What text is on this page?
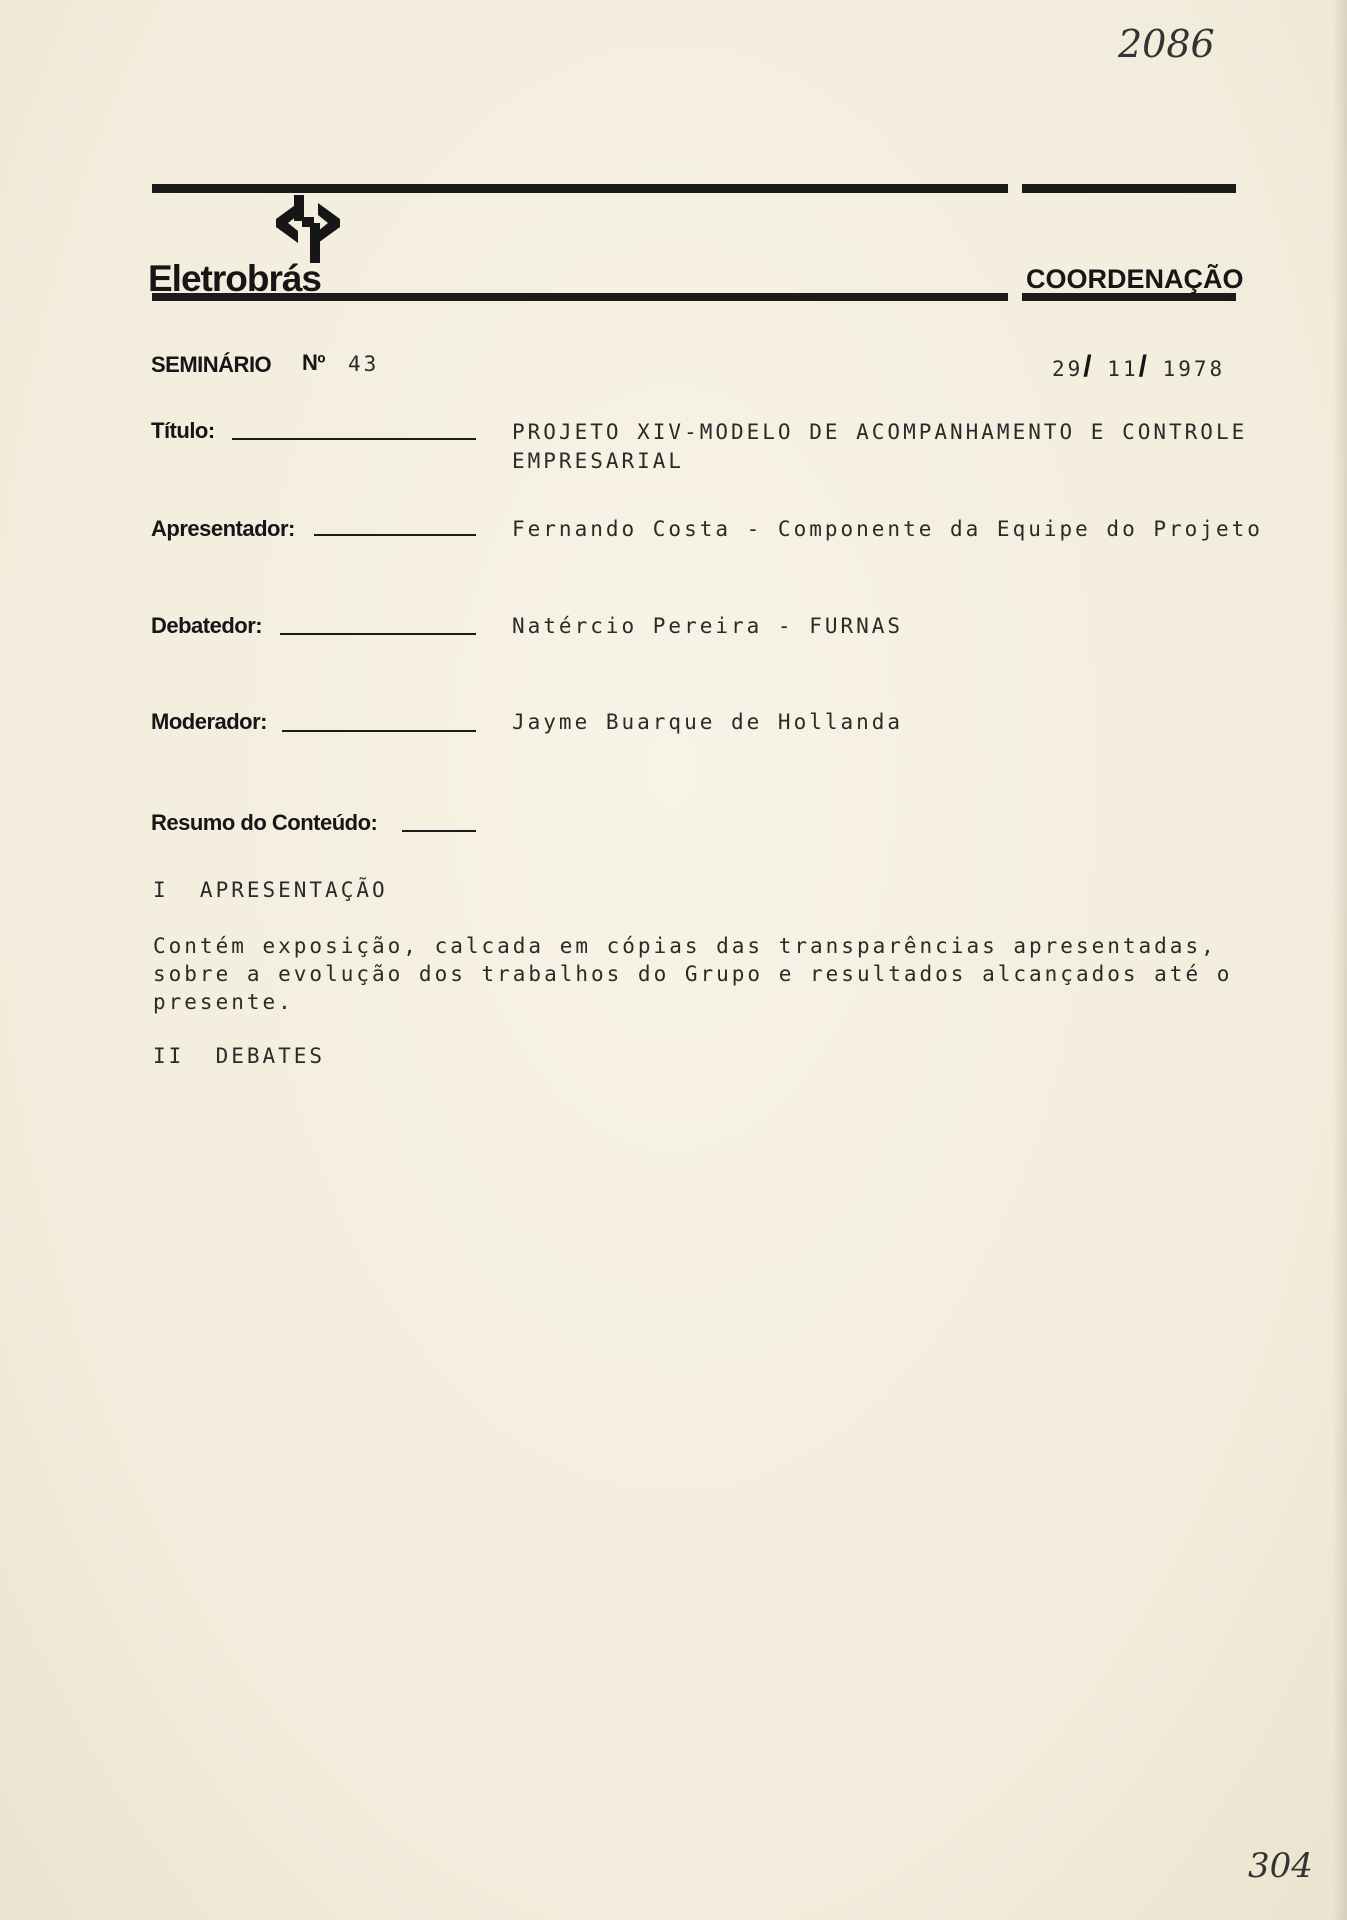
2086
304
Eletrobrás	COORDENAÇÃO
SEMINÁRIO Nº 43	29/ 11/ 1978
Título:	PROJETO XIV-MODELO DE ACOMPANHAMENTO E CONTROLE
EMPRESARIAL
Apresentador:	Fernando Costa - Componente da Equipe do Projeto
Debatedor:	Natércio Pereira - FURNAS
Moderador:	Jayme Buarque de Hollanda
Resumo do Conteúdo:
I  APRESENTAÇÃO
Contém exposição, calcada em cópias das transparências apresentadas,
sobre a evolução dos trabalhos do Grupo e resultados alcançados até o
presente.
II  DEBATES
